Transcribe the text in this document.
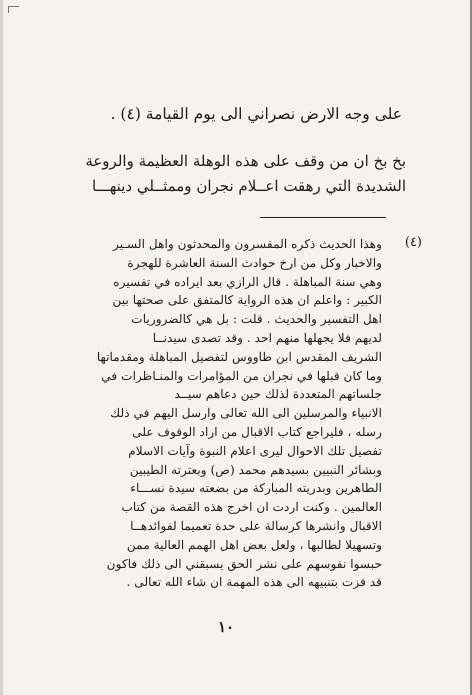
على وجه الارض نصراني الى يوم القيامة (٤) .
بخ بخ ان من وقف على هذه الوهلة العظيمة والروعة
الشديدة التي رهقت اعــلام نجران وممثــلي دينهـــا
(٤)
وهذا الحديث ذكره المفسرون والمحدثون واهل السـير
والاخبار وكل من ارخ حوادث السنة العاشرة للهجرة
وهي سنة المباهلة . قال الرازي بعد ايراده في تفسيره
الكبير : واعلم ان هذه الرواية كالمتفق على صحتها بين
اهل التفسير والحديث . قلت : بل هي كالضروريات
لديهم فلا يجهلها منهم احد . وقد تصدى سيدنــا
الشريف المقدس ابن طاووس لتفصيل المباهلة ومقدماتها
وما كان قبلها في نجران من المؤامرات والمنـاظرات في
جلساتهم المتعددة لذلك حين دعاهم سيــد
الانبياء والمرسلين الى الله تعالى وارسل اليهم في ذلك
رسله ، فليراجع كتاب الاقبال من اراد الوقوف على
تفصيل تلك الاحوال ليرى اعلام النبوة وآيات الاسلام
وبشائر النبيين بسيدهم محمد (ص) وبعترته الطيبين
الطاهرين وبدريته المباركة من بضعته سيدة نســـاء
العالمين . وكنت اردت ان اخرج هذه القصة من كتاب
الاقبال وانشرها كرسالة على حدة تعميما لفوائدهــا
وتسهيلا لطالبها ، ولعل بعض اهل الهمم العالية ممن
حبسوا نفوسهم على نشر الحق يسبقني الى ذلك فاكون
قد فزت بتنبيهه الى هذه المهمة ان شاء الله تعالى .
١٠
